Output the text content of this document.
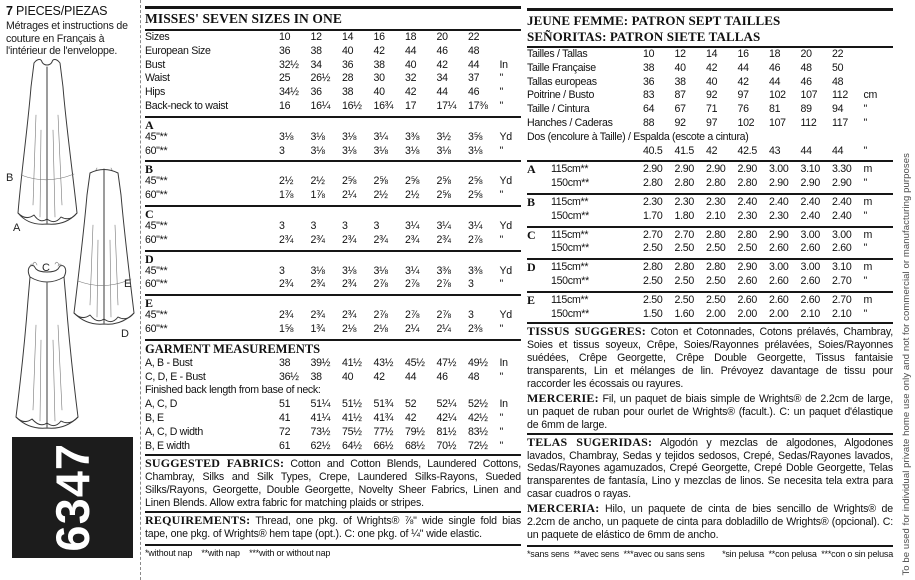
7 PIECES/PIEZAS
Métrages et instructions de couture en Français à l'intérieur de l'enveloppe.
B
A
E
D
C
6347
MISSES' SEVEN SIZES IN ONE
Sizes	10	12	14	16	18	20	22
European Size	36	38	40	42	44	46	48
Bust	32½	34	36	38	40	42	44	In
Waist	25	26½	28	30	32	34	37	"
Hips	34½	36	38	40	42	44	46	"
Back-neck to waist	16	16¼	16½	16¾	17	17¼	17⅜	"
A
45"**	3⅛	3⅛	3⅛	3¼	3⅜	3½	3⅝	Yd
60"**	3	3⅛	3⅛	3⅛	3⅛	3⅛	3⅛	"
B
45"**	2½	2½	2⅝	2⅝	2⅝	2⅝	2⅝	Yd
60"**	1⅞	1⅞	2¼	2½	2½	2⅝	2⅝	"
C
45"**	3	3	3	3	3¼	3¼	3¼	Yd
60"**	2¾	2¾	2¾	2¾	2¾	2¾	2⅞	"
D
45"**	3	3⅛	3⅛	3⅛	3¼	3⅜	3⅜	Yd
60"**	2¾	2¾	2¾	2⅞	2⅞	2⅞	3	"
E
45"**	2¾	2¾	2¾	2⅞	2⅞	2⅞	3	Yd
60"**	1⅝	1¾	2⅛	2⅛	2¼	2¼	2⅜	"
GARMENT MEASUREMENTS
A, B - Bust	38	39½	41½	43½	45½	47½	49½	In
C, D, E - Bust	36½	38	40	42	44	46	48	"
Finished back length from base of neck:
A, C, D	51	51¼	51½	51¾	52	52¼	52½	In
B, E	41	41¼	41½	41¾	42	42¼	42½	"
A, C, D width	72	73½	75½	77½	79½	81½	83½	"
B, E width	61	62½	64½	66½	68½	70½	72½	"
SUGGESTED FABRICS: Cotton and Cotton Blends, Laundered Cottons, Chambray, Silks and Silk Types, Crepe, Laundered Silks-Rayons, Sueded Silks/Rayons, Georgette, Double Georgette, Novelty Sheer Fabrics, Linen and Linen Blends. Allow extra fabric for matching plaids or stripes.
REQUIREMENTS: Thread, one pkg. of Wrights® ⅞" wide single fold bias tape, one pkg. of Wrights® hem tape (opt.). C: one pkg. of ¼" wide elastic.
*without nap    **with nap    ***with or without nap
JEUNE FEMME: PATRON SEPT TAILLES
SEÑORITAS: PATRON SIETE TALLAS
Tailles / Tallas	10	12	14	16	18	20	22
Taille Française	38	40	42	44	46	48	50
Tallas europeas	36	38	40	42	44	46	48
Poitrine / Busto	83	87	92	97	102	107	112	cm
Taille / Cintura	64	67	71	76	81	89	94	"
Hanches / Caderas	88	92	97	102	107	112	117	"
Dos (encolure à Taille) / Espalda (escote a cintura)
40.5	41.5	42	42.5	43	44	44	"
A	115cm**	2.90	2.90	2.90	2.90	3.00	3.10	3.30	m
150cm**	2.80	2.80	2.80	2.80	2.90	2.90	2.90	"
B	115cm**	2.30	2.30	2.30	2.40	2.40	2.40	2.40	m
150cm**	1.70	1.80	2.10	2.30	2.30	2.40	2.40	"
C	115cm**	2.70	2.70	2.80	2.80	2.90	3.00	3.00	m
150cm**	2.50	2.50	2.50	2.50	2.60	2.60	2.60	"
D	115cm**	2.80	2.80	2.80	2.90	3.00	3.00	3.10	m
150cm**	2.50	2.50	2.50	2.60	2.60	2.60	2.70	"
E	115cm**	2.50	2.50	2.50	2.60	2.60	2.60	2.70	m
150cm**	1.50	1.60	2.00	2.00	2.00	2.10	2.10	"
TISSUS SUGGERES: Coton et Cotonnades, Cotons prélavés, Chambray, Soies et tissus soyeux, Crêpe, Soies/Rayonnes prélavées, Soies/Rayonnes suédées, Crêpe Georgette, Crêpe Double Georgette, Tissus fantaisie transparents, Lin et mélanges de lin. Prévoyez davantage de tissu pour raccorder les écossais ou rayures.
MERCERIE: Fil, un paquet de biais simple de Wrights® de 2.2cm de large, un paquet de ruban pour ourlet de Wrights® (facult.). C: un paquet d'élastique de 6mm de large.
TELAS SUGERIDAS: Algodón y mezclas de algodones, Algodones lavados, Chambray, Sedas y tejidos sedosos, Crepé, Sedas/Rayones lavados, Sedas/Rayones agamuzados, Crepé Georgette, Crepé Doble Georgette, Telas transparentes de fantasía, Lino y mezclas de linos. Se necesita tela extra para casar cuadros o rayas.
MERCERIA: Hilo, un paquete de cinta de bies sencillo de Wrights® de 2.2cm de ancho, un paquete de cinta para dobladillo de Wrights® (opcional). C: un paquete de elástico de 6mm de ancho.
*sans sens  **avec sens  ***avec ou sans sens *sin pelusa  **con pelusa  ***con o sin pelusa To be used for individual private home use only and not for commercial or manufacturing purposes
